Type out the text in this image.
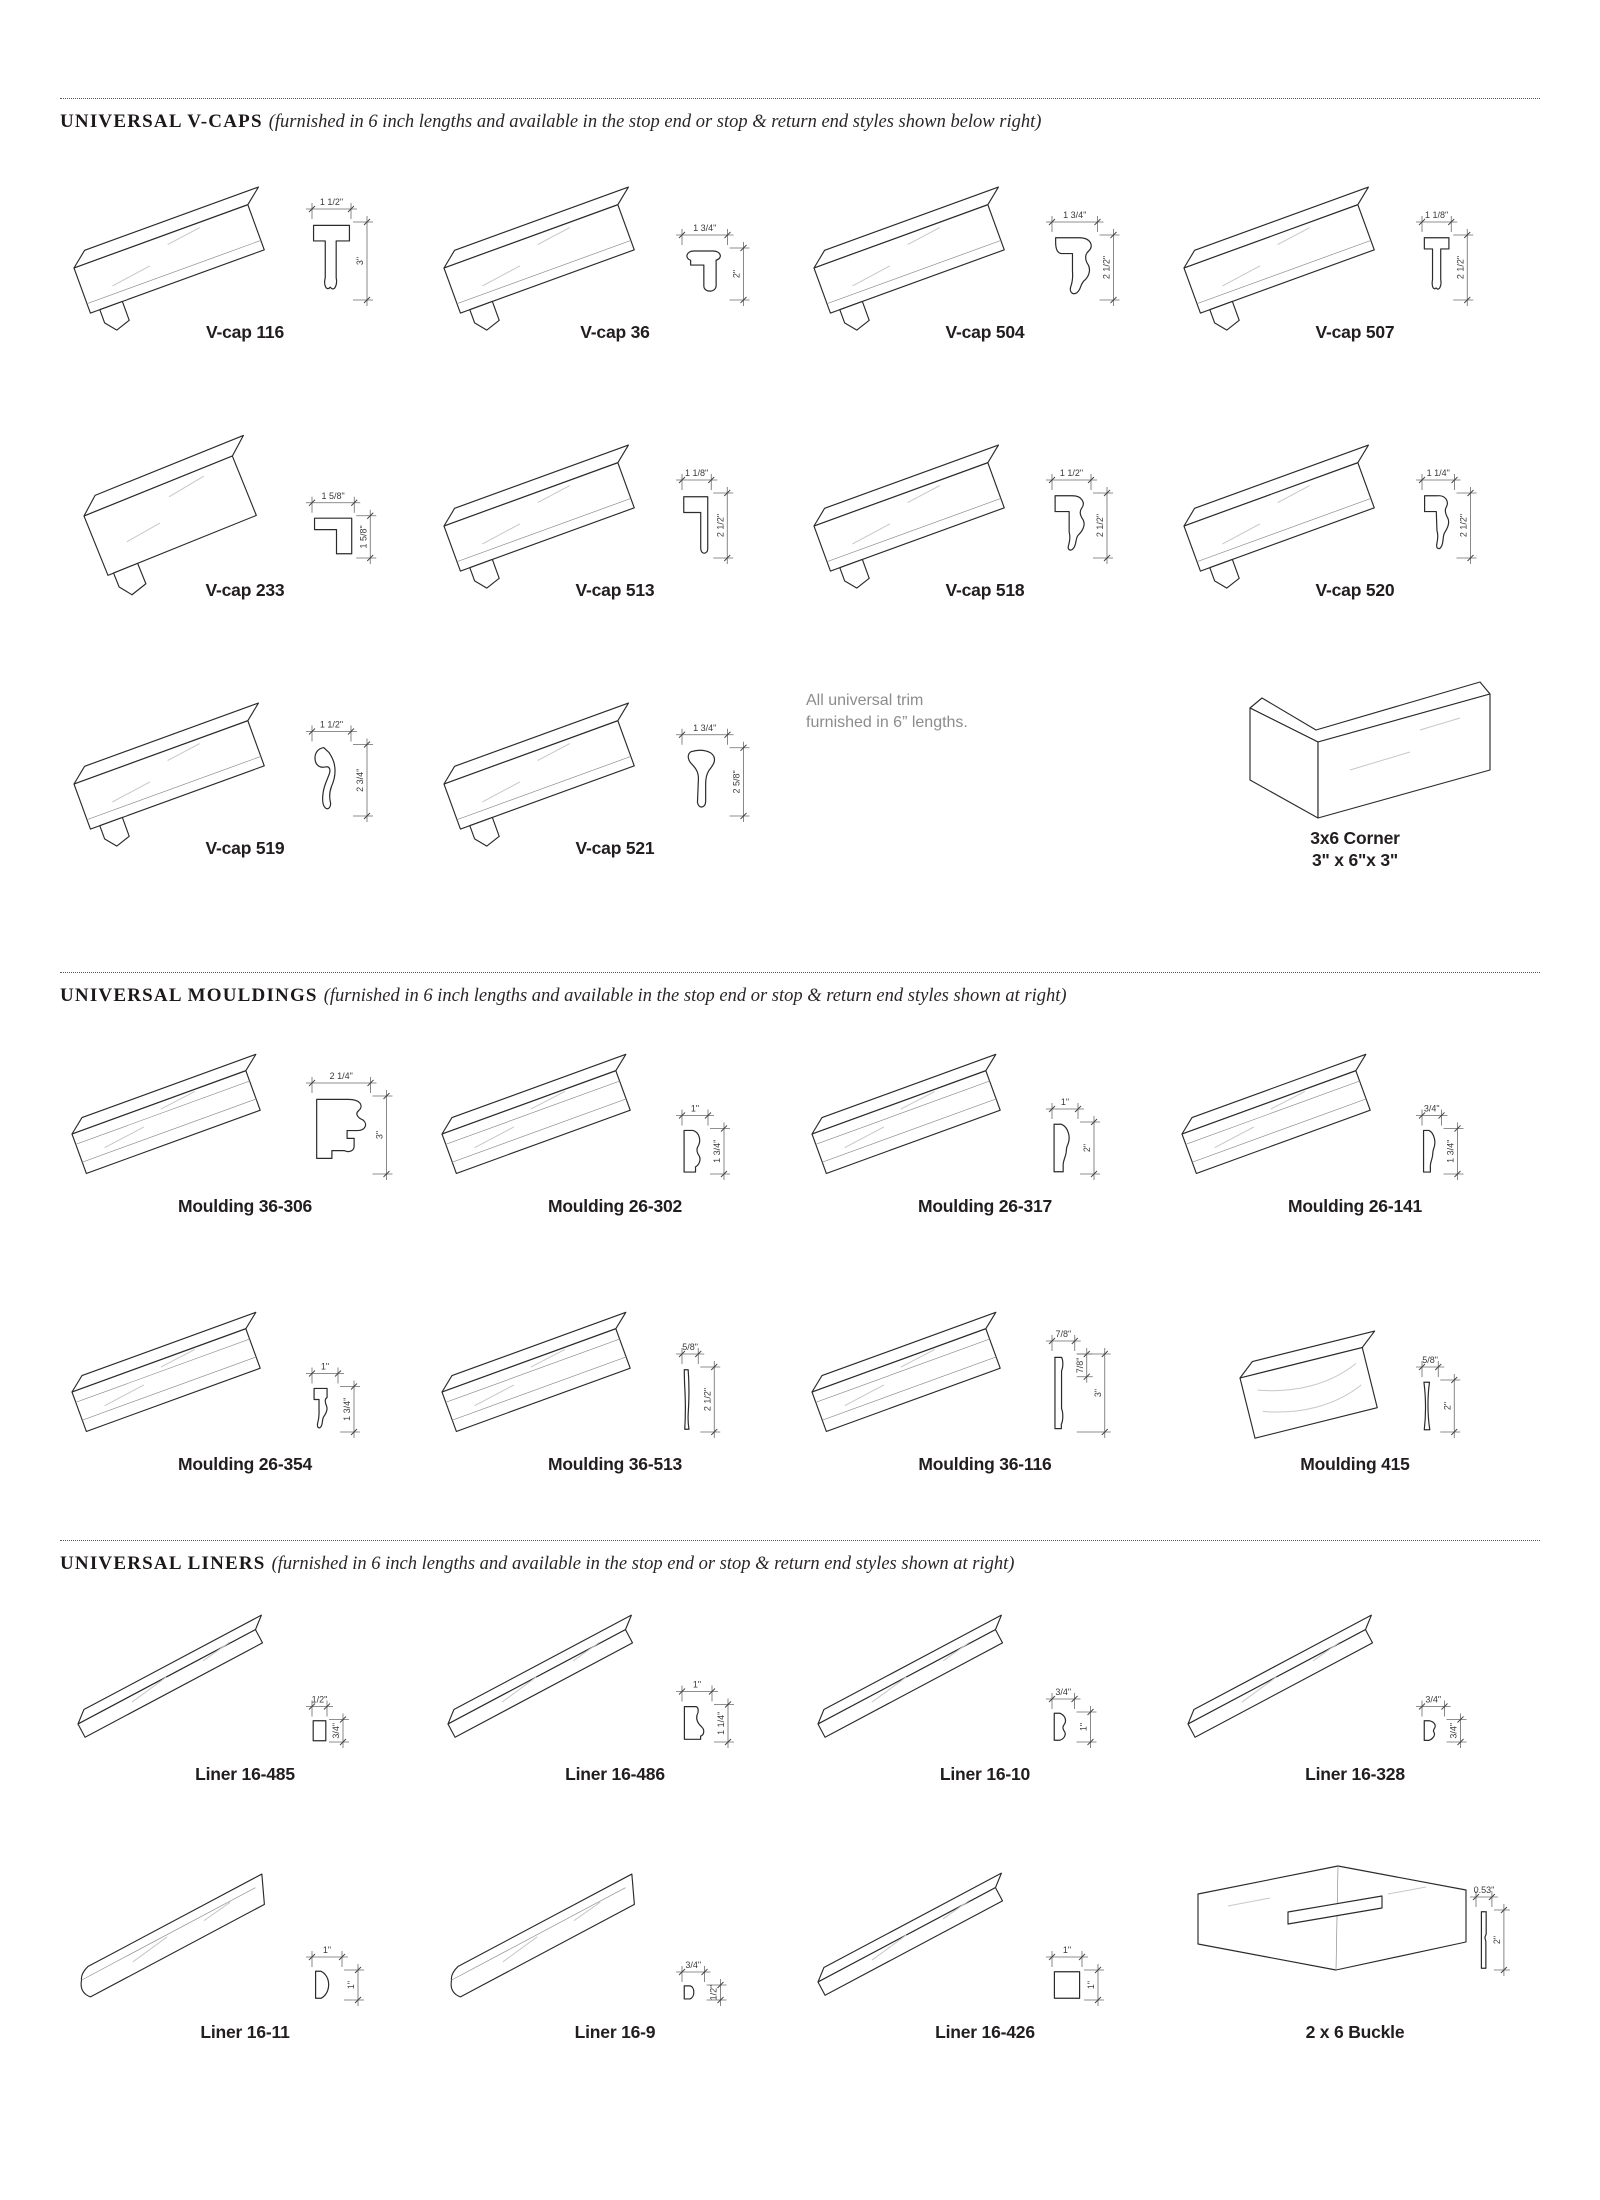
UNIVERSAL V-CAPS (furnished in 6 inch lengths and available in the stop end or stop & return end styles shown below right)
1 1/2"
3"
V-cap 116
1 3/4"
2"
V-cap 36
1 3/4"
2 1/2"
V-cap 504
1 1/8"
2 1/2"
V-cap 507
1 5/8"
1 5/8"
V-cap 233
1 1/8"
2 1/2"
V-cap 513
1 1/2"
2 1/2"
V-cap 518
1 1/4"
2 1/2"
V-cap 520
1 1/2"
2 3/4"
V-cap 519
1 3/4"
2 5/8"
V-cap 521
All universal trim
furnished in 6” lengths.
3x6 Corner
3" x 6"x 3"
UNIVERSAL MOULDINGS (furnished in 6 inch lengths and available in the stop end or stop & return end styles shown at right)
2 1/4"
3"
Moulding 36-306
1"
1 3/4"
Moulding 26-302
1"
2"
Moulding 26-317
3/4"
1 3/4"
Moulding 26-141
1"
1 3/4"
Moulding 26-354
5/8"
2 1/2"
Moulding 36-513
7/8"
7/8"
3"
Moulding 36-116
5/8"
2"
Moulding 415
UNIVERSAL LINERS (furnished in 6 inch lengths and available in the stop end or stop & return end styles shown at right)
1/2"
3/4"
Liner 16-485
1"
1 1/4"
Liner 16-486
3/4"
1"
Liner 16-10
3/4"
3/4"
Liner 16-328
1"
1"
Liner 16-11
3/4"
1/2"
Liner 16-9
1"
1"
Liner 16-426
0.53"
2"
2 x 6 Buckle
